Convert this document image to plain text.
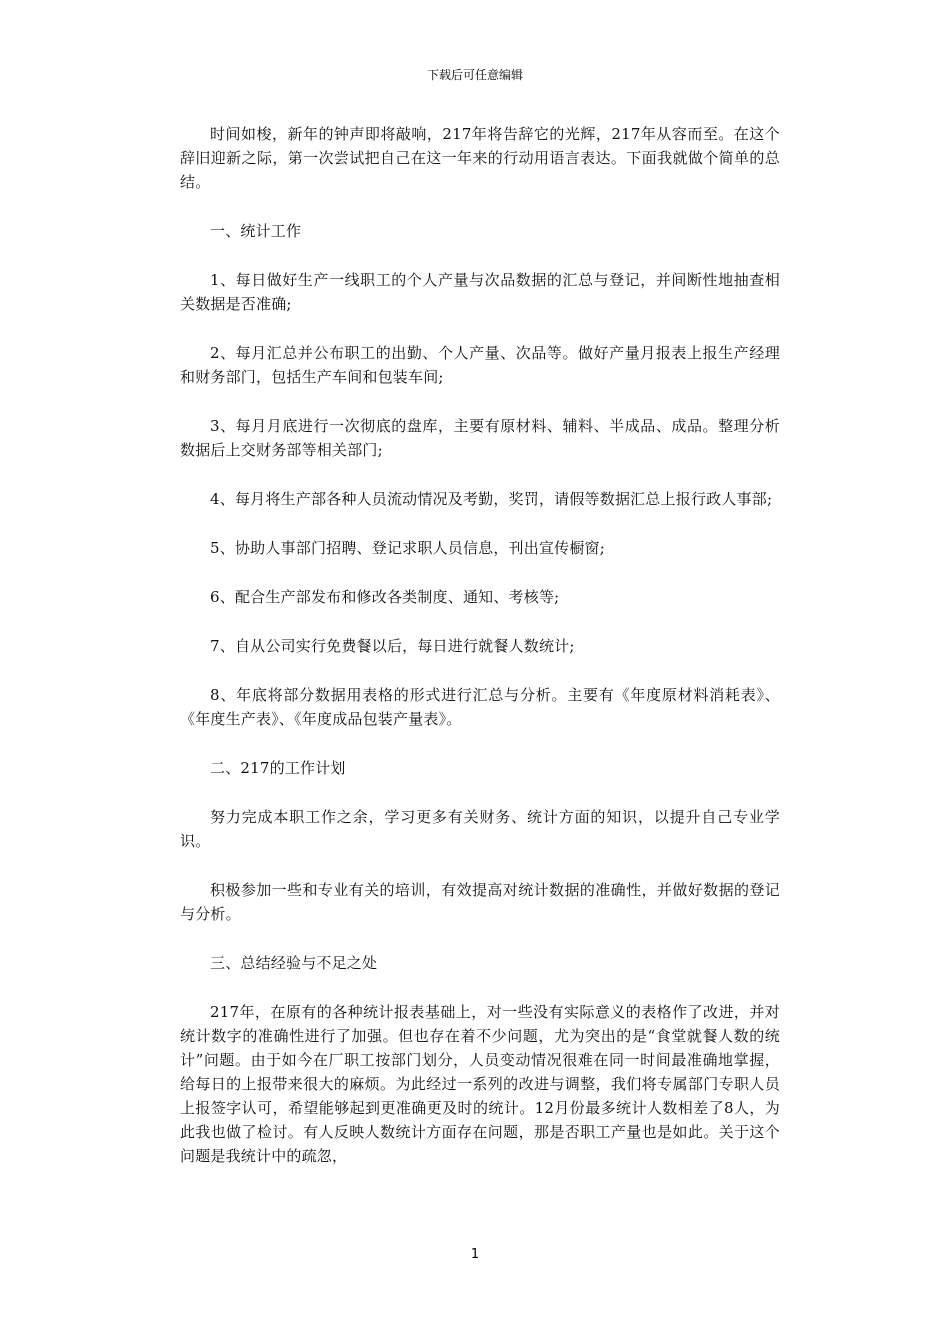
下载后可任意编辑

时间如梭，新年的钟声即将敲响，217年将告辞它的光辉，217年从容而至。在这个辞旧迎新之际，第一次尝试把自己在这一年来的行动用语言表达。下面我就做个简单的总结。

一、统计工作

1、每日做好生产一线职工的个人产量与次品数据的汇总与登记，并间断性地抽查相关数据是否准确;

2、每月汇总并公布职工的出勤、个人产量、次品等。做好产量月报表上报生产经理和财务部门，包括生产车间和包装车间;

3、每月月底进行一次彻底的盘库，主要有原材料、辅料、半成品、成品。整理分析数据后上交财务部等相关部门;

4、每月将生产部各种人员流动情况及考勤，奖罚，请假等数据汇总上报行政人事部;

5、协助人事部门招聘、登记求职人员信息，刊出宣传橱窗;

6、配合生产部发布和修改各类制度、通知、考核等;

7、自从公司实行免费餐以后，每日进行就餐人数统计;

8、年底将部分数据用表格的形式进行汇总与分析。主要有《年度原材料消耗表》、《年度生产表》、《年度成品包装产量表》。

二、217的工作计划

努力完成本职工作之余，学习更多有关财务、统计方面的知识，以提升自己专业学识。

积极参加一些和专业有关的培训，有效提高对统计数据的准确性，并做好数据的登记与分析。

三、总结经验与不足之处

217年，在原有的各种统计报表基础上，对一些没有实际意义的表格作了改进，并对统计数字的准确性进行了加强。但也存在着不少问题，尤为突出的是“食堂就餐人数的统计”问题。由于如今在厂职工按部门划分，人员变动情况很难在同一时间最准确地掌握，给每日的上报带来很大的麻烦。为此经过一系列的改进与调整，我们将专属部门专职人员上报签字认可，希望能够起到更准确更及时的统计。12月份最多统计人数相差了8人，为此我也做了检讨。有人反映人数统计方面存在问题，那是否职工产量也是如此。关于这个问题是我统计中的疏忽，

1
